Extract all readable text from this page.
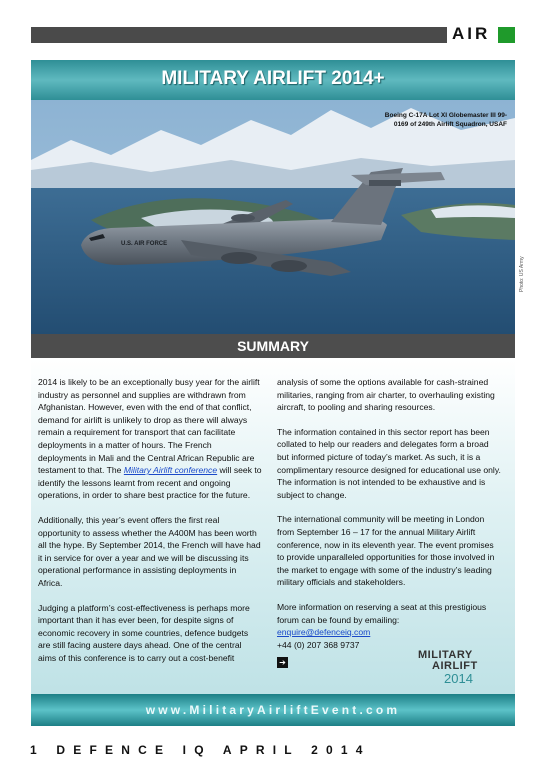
AIR
MILITARY AIRLIFT 2014+
U.S. AIR FORCE
Boeing C-17A Lot XI Globemaster III 99-
0169 of 249th Airlift Squadron, USAF
Photo: US Army
SUMMARY

2014 is likely to be an exceptionally busy year for the airlift industry as personnel and supplies are withdrawn from Afghanistan. However, even with the end of that conflict, demand for airlift is unlikely to drop as there will always remain a requirement for transport that can facilitate deployments in a matter of hours. The French deployments in Mali and the Central African Republic are testament to that. The Military Airlift conference will seek to identify the lessons learnt from recent and ongoing operations, in order to share best practice for the future.

Additionally, this year’s event offers the first real opportunity to assess whether the A400M has been worth all the hype. By September 2014, the French will have had it in service for over a year and we will be discussing its operational performance in assisting deployments in Africa.

Judging a platform’s cost-effectiveness is perhaps more important than it has ever been, for despite signs of economic recovery in some countries, defence budgets are still facing austere days ahead. One of the central aims of this conference is to carry out a cost-benefit

analysis of some the options available for cash-strained militaries, ranging from air charter, to overhauling existing aircraft, to pooling and sharing resources.

The information contained in this sector report has been collated to help our readers and delegates form a broad but informed picture of today’s market. As such, it is a complimentary resource designed for educational use only. The information is not intended to be exhaustive and is subject to change.

The international community will be meeting in London from September 16 – 17 for the annual Military Airlift conference, now in its eleventh year. The event promises to provide unparalleled opportunities for those involved in the market to engage with some of the industry’s leading military officials and stakeholders.

More information on reserving a seat at this prestigious forum can be found by emailing:
enquire@defenceiq.com
+44 (0) 207 368 9737

➔
MILITARY
AIRLIFT
2014
www.MilitaryAirliftEvent.com
1 DEFENCE IQ APRIL 2014
